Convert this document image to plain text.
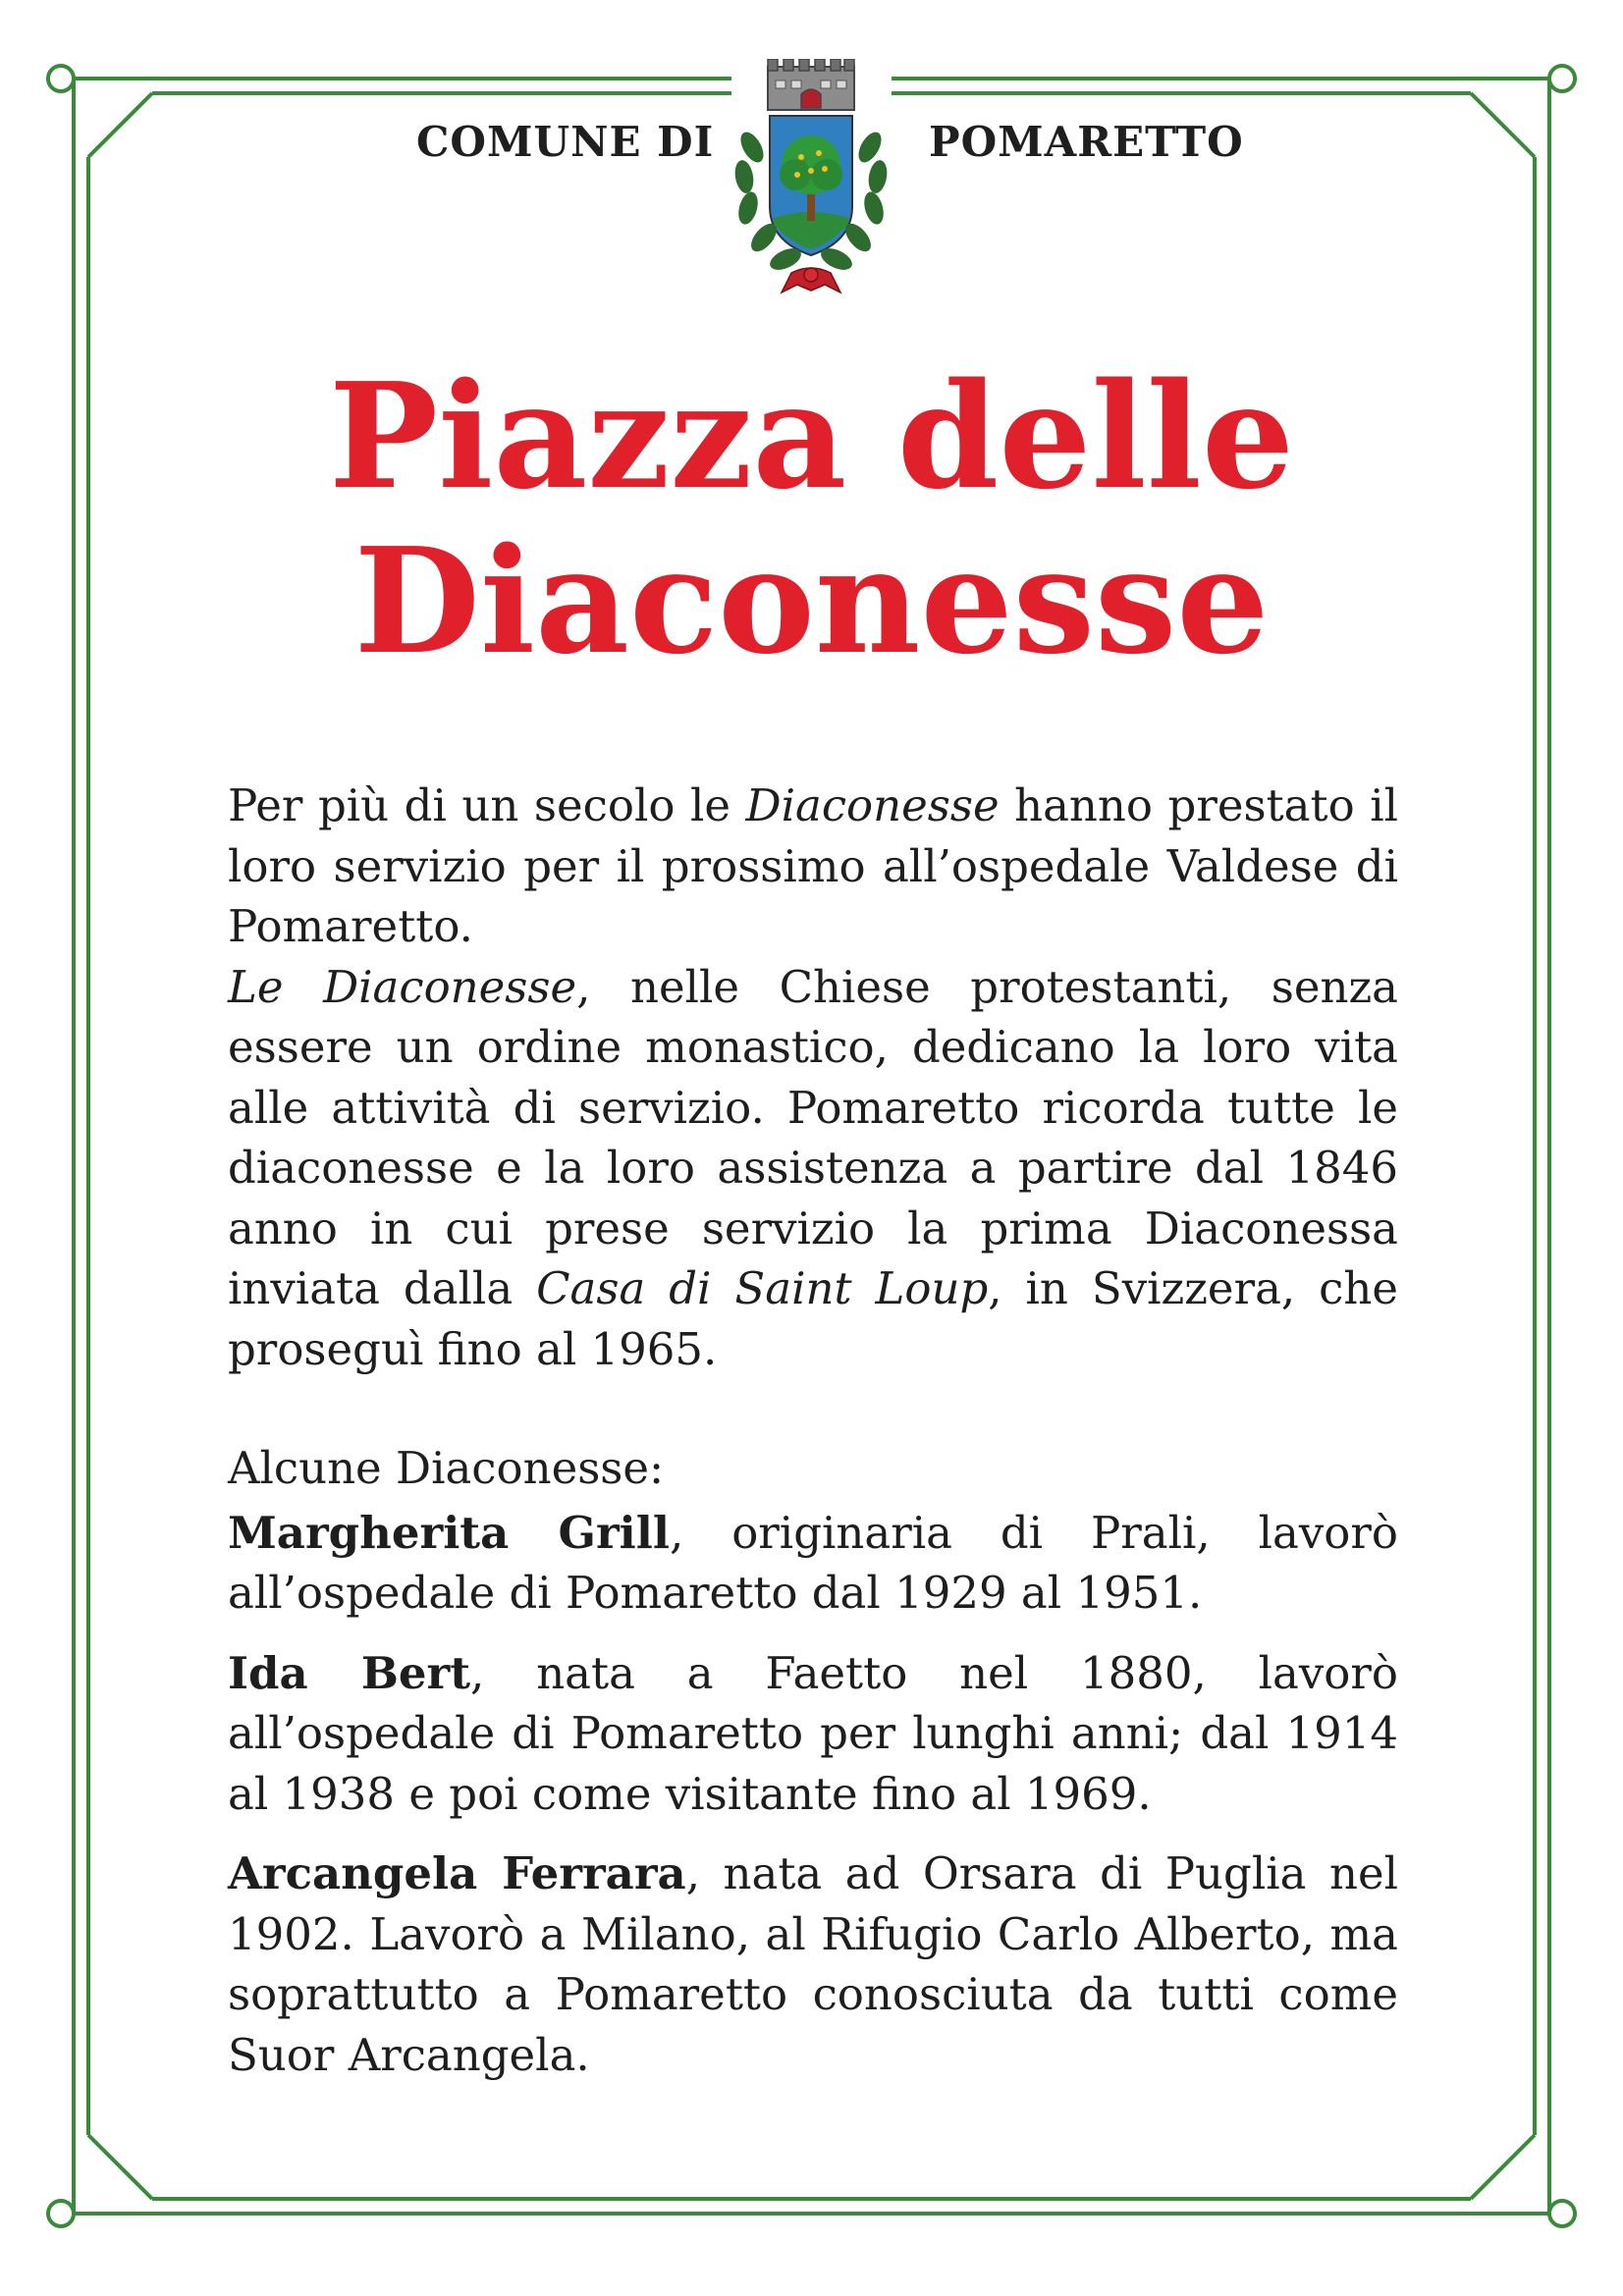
COMUNE DI	POMARETTO
Piazza delle
Diaconesse

Per più di un secolo le Diaconesse hanno prestato il loro servizio per il prossimo all’ospedale Valdese di Pomaretto.

Le Diaconesse, nelle Chiese protestanti, senza essere un ordine monastico, dedicano la loro vita alle attività di servizio. Pomaretto ricorda tutte le diaconesse e la loro assistenza a partire dal 1846 anno in cui prese servizio la prima Diaconessa inviata dalla Casa di Saint Loup, in Svizzera, che proseguì fino al 1965.

Alcune Diaconesse:

Margherita Grill, originaria di Prali, lavorò all’ospedale di Pomaretto dal 1929 al 1951.

Ida Bert, nata a Faetto nel 1880, lavorò all’ospedale di Pomaretto per lunghi anni; dal 1914 al 1938 e poi come visitante fino al 1969.

Arcangela Ferrara, nata ad Orsara di Puglia nel 1902. Lavorò a Milano, al Rifugio Carlo Alberto, ma soprattutto a Pomaretto conosciuta da tutti come Suor Arcangela.
